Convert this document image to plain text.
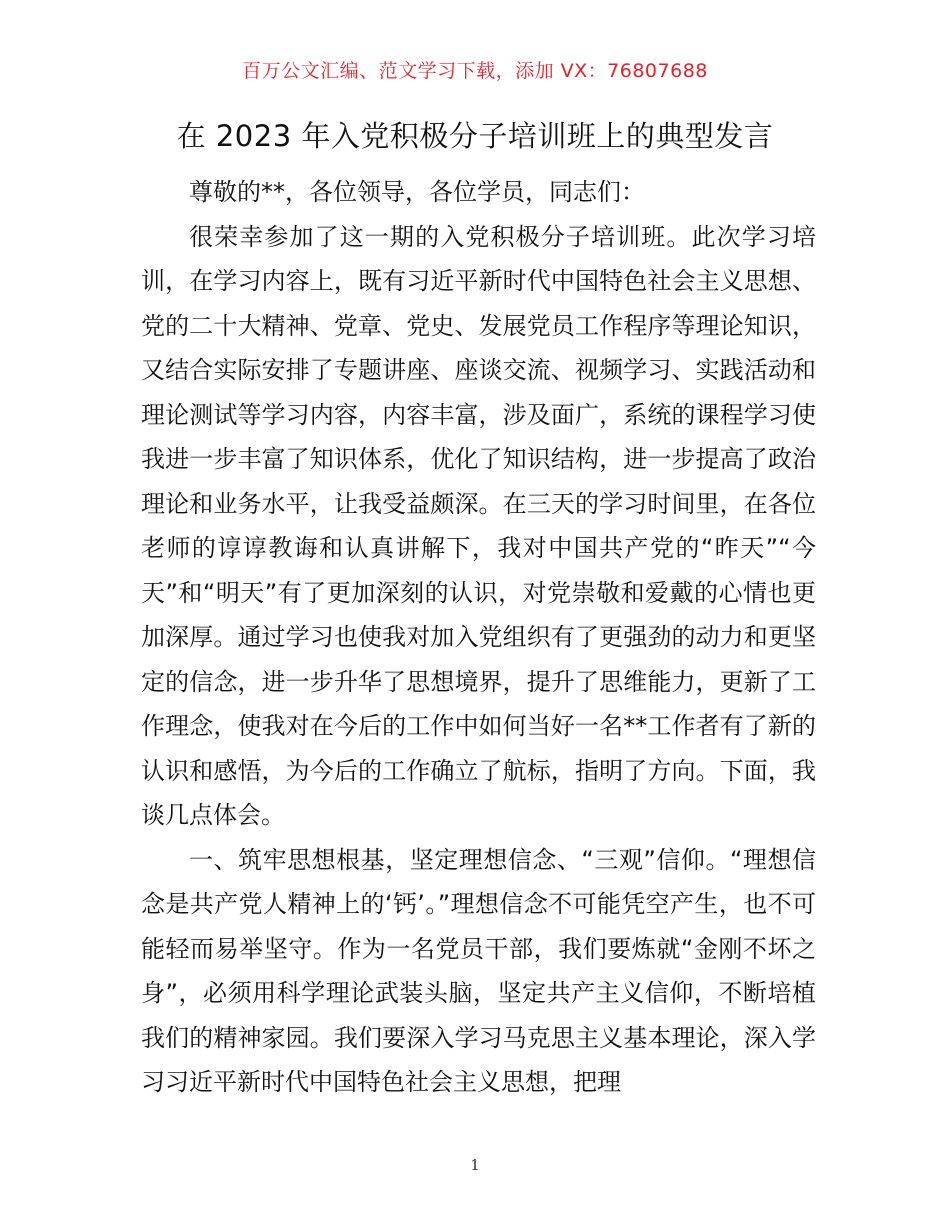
百万公文汇编、范文学习下载，添加 VX：76807688
在 2023 年入党积极分子培训班上的典型发言

尊敬的**，各位领导，各位学员，同志们：

很荣幸参加了这一期的入党积极分子培训班。此次学习培训，在学习内容上，既有习近平新时代中国特色社会主义思想、党的二十大精神、党章、党史、发展党员工作程序等理论知识，又结合实际安排了专题讲座、座谈交流、视频学习、实践活动和理论测试等学习内容，内容丰富，涉及面广，系统的课程学习使我进一步丰富了知识体系，优化了知识结构，进一步提高了政治理论和业务水平，让我受益颇深。在三天的学习时间里，在各位老师的谆谆教诲和认真讲解下，我对中国共产党的“昨天”“今天”和“明天”有了更加深刻的认识，对党崇敬和爱戴的心情也更加深厚。通过学习也使我对加入党组织有了更强劲的动力和更坚定的信念，进一步升华了思想境界，提升了思维能力，更新了工作理念，使我对在今后的工作中如何当好一名**工作者有了新的认识和感悟，为今后的工作确立了航标，指明了方向。下面，我谈几点体会。

一、筑牢思想根基，坚定理想信念、“三观”信仰。“理想信念是共产党人精神上的‘钙’。”理想信念不可能凭空产生，也不可能轻而易举坚守。作为一名党员干部，我们要炼就“金刚不坏之身”，必须用科学理论武装头脑，坚定共产主义信仰，不断培植我们的精神家园。我们要深入学习马克思主义基本理论，深入学习习近平新时代中国特色社会主义思想，把理

1
